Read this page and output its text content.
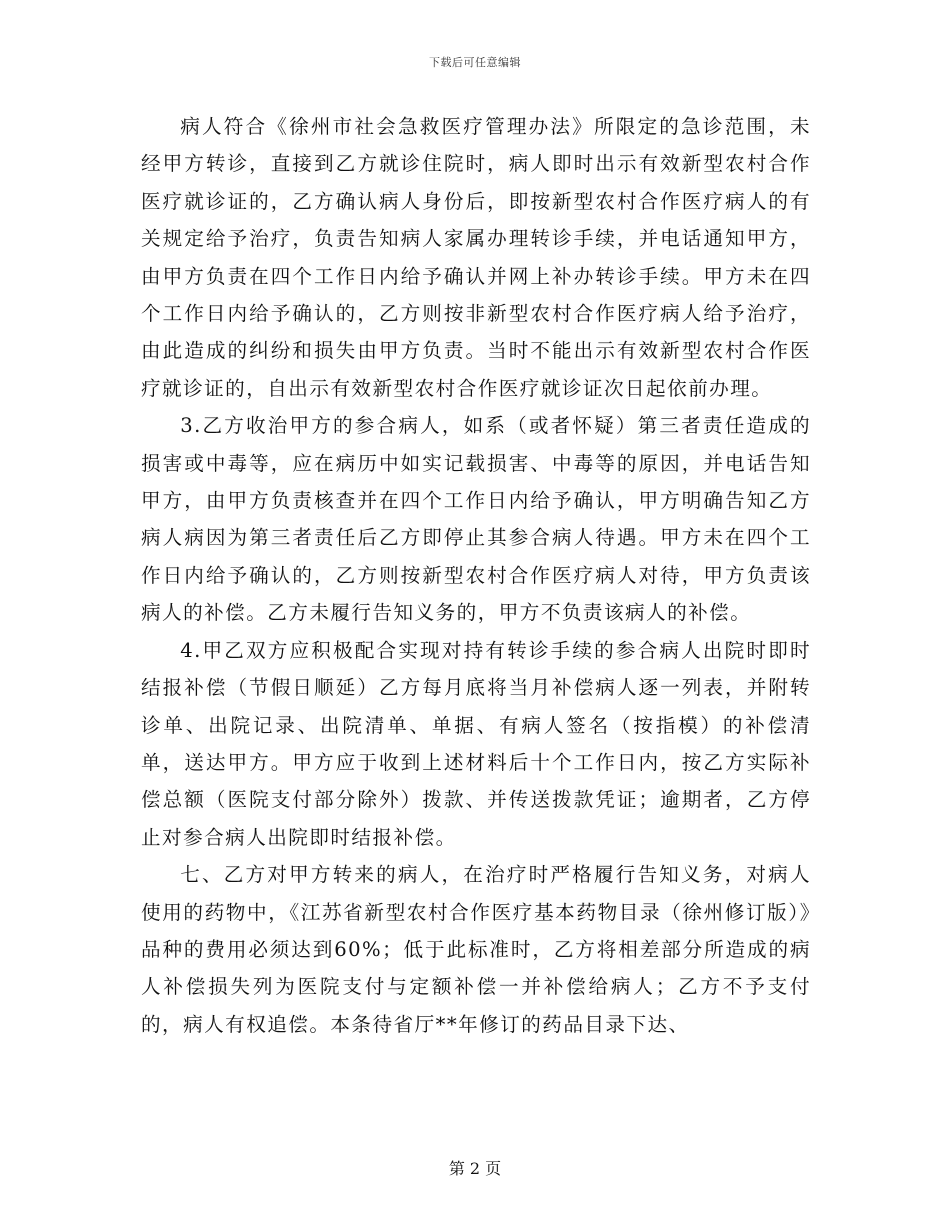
下载后可任意编辑

病人符合《徐州市社会急救医疗管理办法》所限定的急诊范围，未经甲方转诊，直接到乙方就诊住院时，病人即时出示有效新型农村合作医疗就诊证的，乙方确认病人身份后，即按新型农村合作医疗病人的有关规定给予治疗，负责告知病人家属办理转诊手续，并电话通知甲方，由甲方负责在四个工作日内给予确认并网上补办转诊手续。甲方未在四个工作日内给予确认的，乙方则按非新型农村合作医疗病人给予治疗，由此造成的纠纷和损失由甲方负责。当时不能出示有效新型农村合作医疗就诊证的，自出示有效新型农村合作医疗就诊证次日起依前办理。

3.乙方收治甲方的参合病人，如系（或者怀疑）第三者责任造成的损害或中毒等，应在病历中如实记载损害、中毒等的原因，并电话告知甲方，由甲方负责核查并在四个工作日内给予确认，甲方明确告知乙方病人病因为第三者责任后乙方即停止其参合病人待遇。甲方未在四个工作日内给予确认的，乙方则按新型农村合作医疗病人对待，甲方负责该病人的补偿。乙方未履行告知义务的，甲方不负责该病人的补偿。

4.甲乙双方应积极配合实现对持有转诊手续的参合病人出院时即时结报补偿（节假日顺延）乙方每月底将当月补偿病人逐一列表，并附转诊单、出院记录、出院清单、单据、有病人签名（按指模）的补偿清单，送达甲方。甲方应于收到上述材料后十个工作日内，按乙方实际补偿总额（医院支付部分除外）拨款、并传送拨款凭证；逾期者，乙方停止对参合病人出院即时结报补偿。

七、乙方对甲方转来的病人，在治疗时严格履行告知义务，对病人使用的药物中，《江苏省新型农村合作医疗基本药物目录（徐州修订版）》品种的费用必须达到60%；低于此标准时，乙方将相差部分所造成的病人补偿损失列为医院支付与定额补偿一并补偿给病人；乙方不予支付的，病人有权追偿。本条待省厅**年修订的药品目录下达、

第 2 页
